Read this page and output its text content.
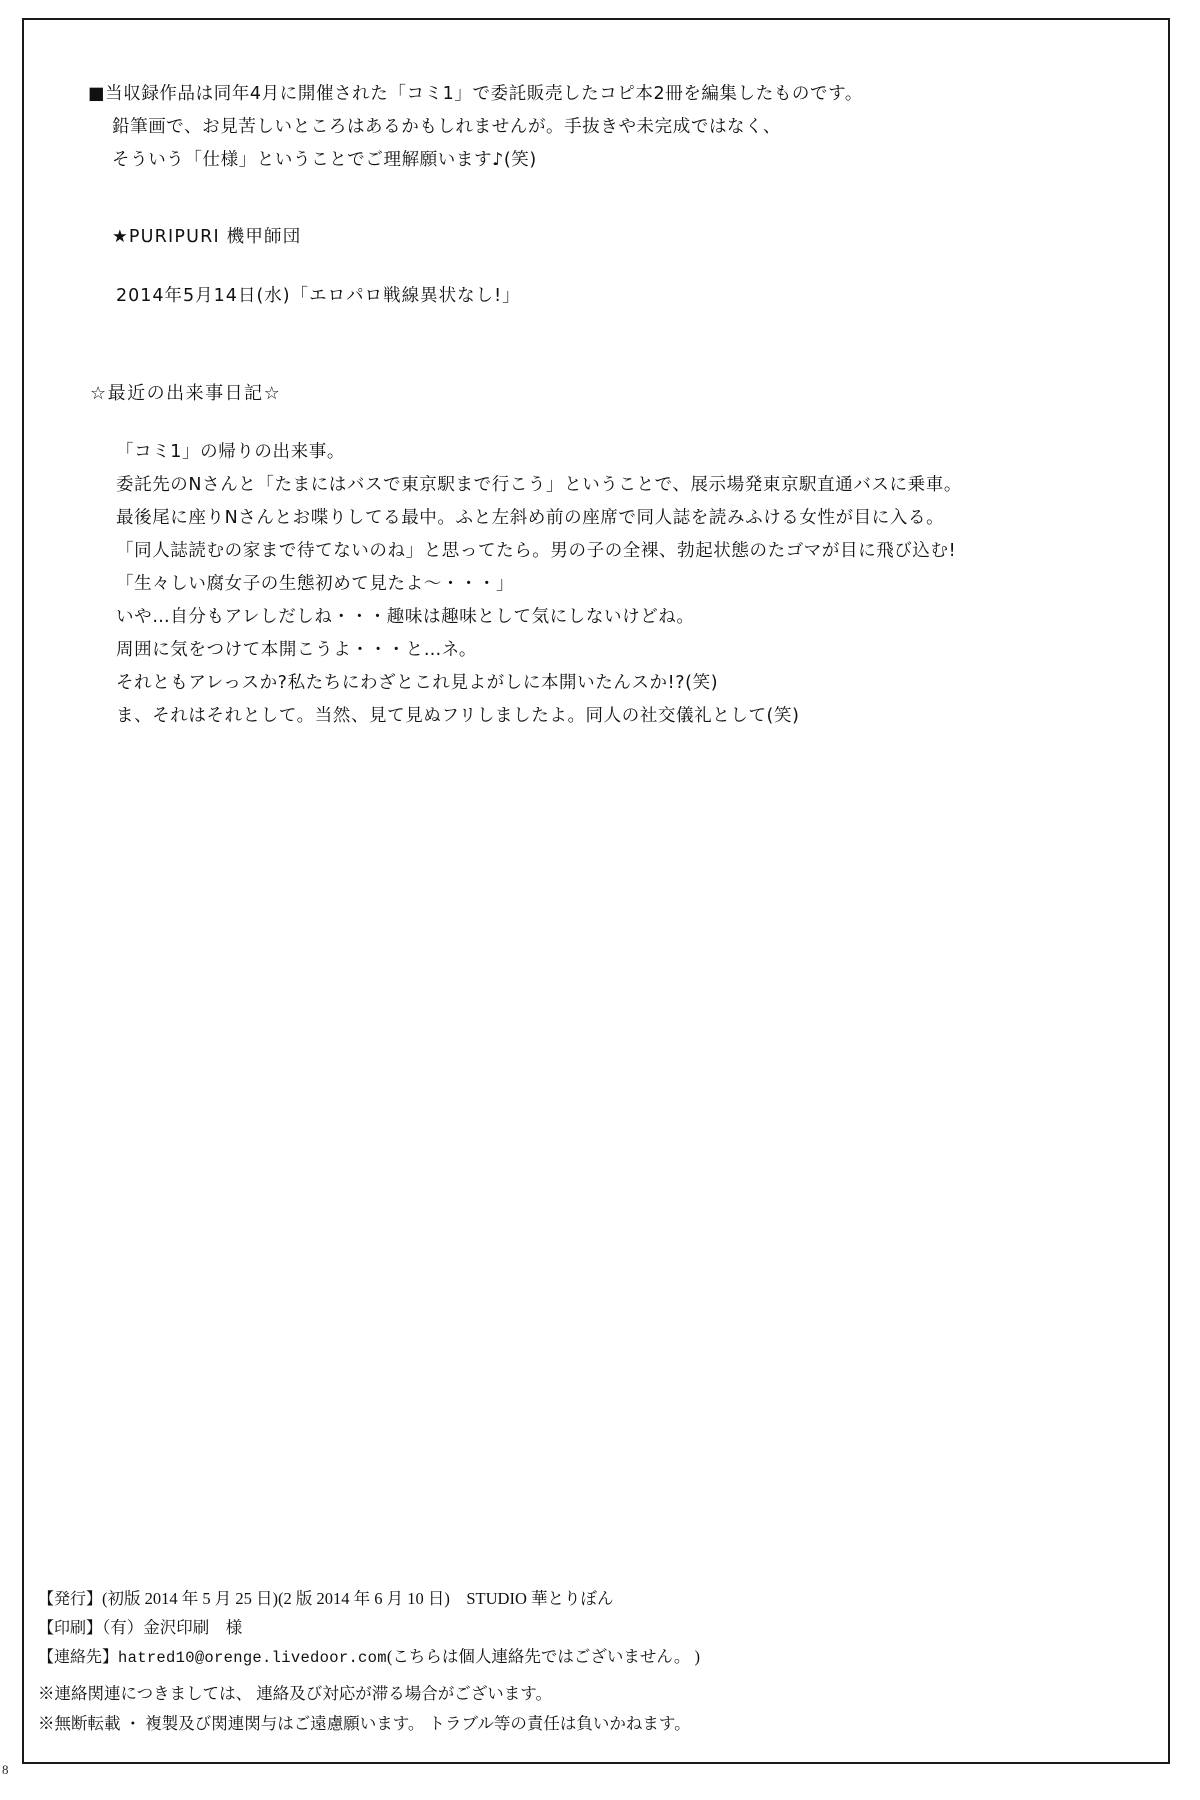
8
■当収録作品は同年4月に開催された「コミ1」で委託販売したコピ本2冊を編集したものです。
鉛筆画で、お見苦しいところはあるかもしれませんが。手抜きや未完成ではなく、
そういう「仕様」ということでご理解願います♪(笑)
★PURIPURI 機甲師団
2014年5月14日(水)「エロパロ戦線異状なし!」
☆最近の出来事日記☆
「コミ1」の帰りの出来事。
委託先のNさんと「たまにはバスで東京駅まで行こう」ということで、展示場発東京駅直通バスに乗車。
最後尾に座りNさんとお喋りしてる最中。ふと左斜め前の座席で同人誌を読みふける女性が目に入る。
「同人誌読むの家まで待てないのね」と思ってたら。男の子の全裸、勃起状態のたゴマが目に飛び込む!
「生々しい腐女子の生態初めて見たよ〜・・・」
いや…自分もアレしだしね・・・趣味は趣味として気にしないけどね。
周囲に気をつけて本開こうよ・・・と…ネ。
それともアレっスか?私たちにわざとこれ見よがしに本開いたんスか!?(笑)
ま、それはそれとして。当然、見て見ぬフリしましたよ。同人の社交儀礼として(笑)
【発行】(初版 2014 年 5 月 25 日)(2 版 2014 年 6 月 10 日)　STUDIO 華とりぼん
【印刷】（有）金沢印刷　様
【連絡先】hatred10@orenge.livedoor.com(こちらは個人連絡先ではございません。 )
※連絡関連につきましては、 連絡及び対応が滞る場合がございます。
※無断転載 ・ 複製及び関連関与はご遠慮願います。 トラブル等の責任は負いかねます。
